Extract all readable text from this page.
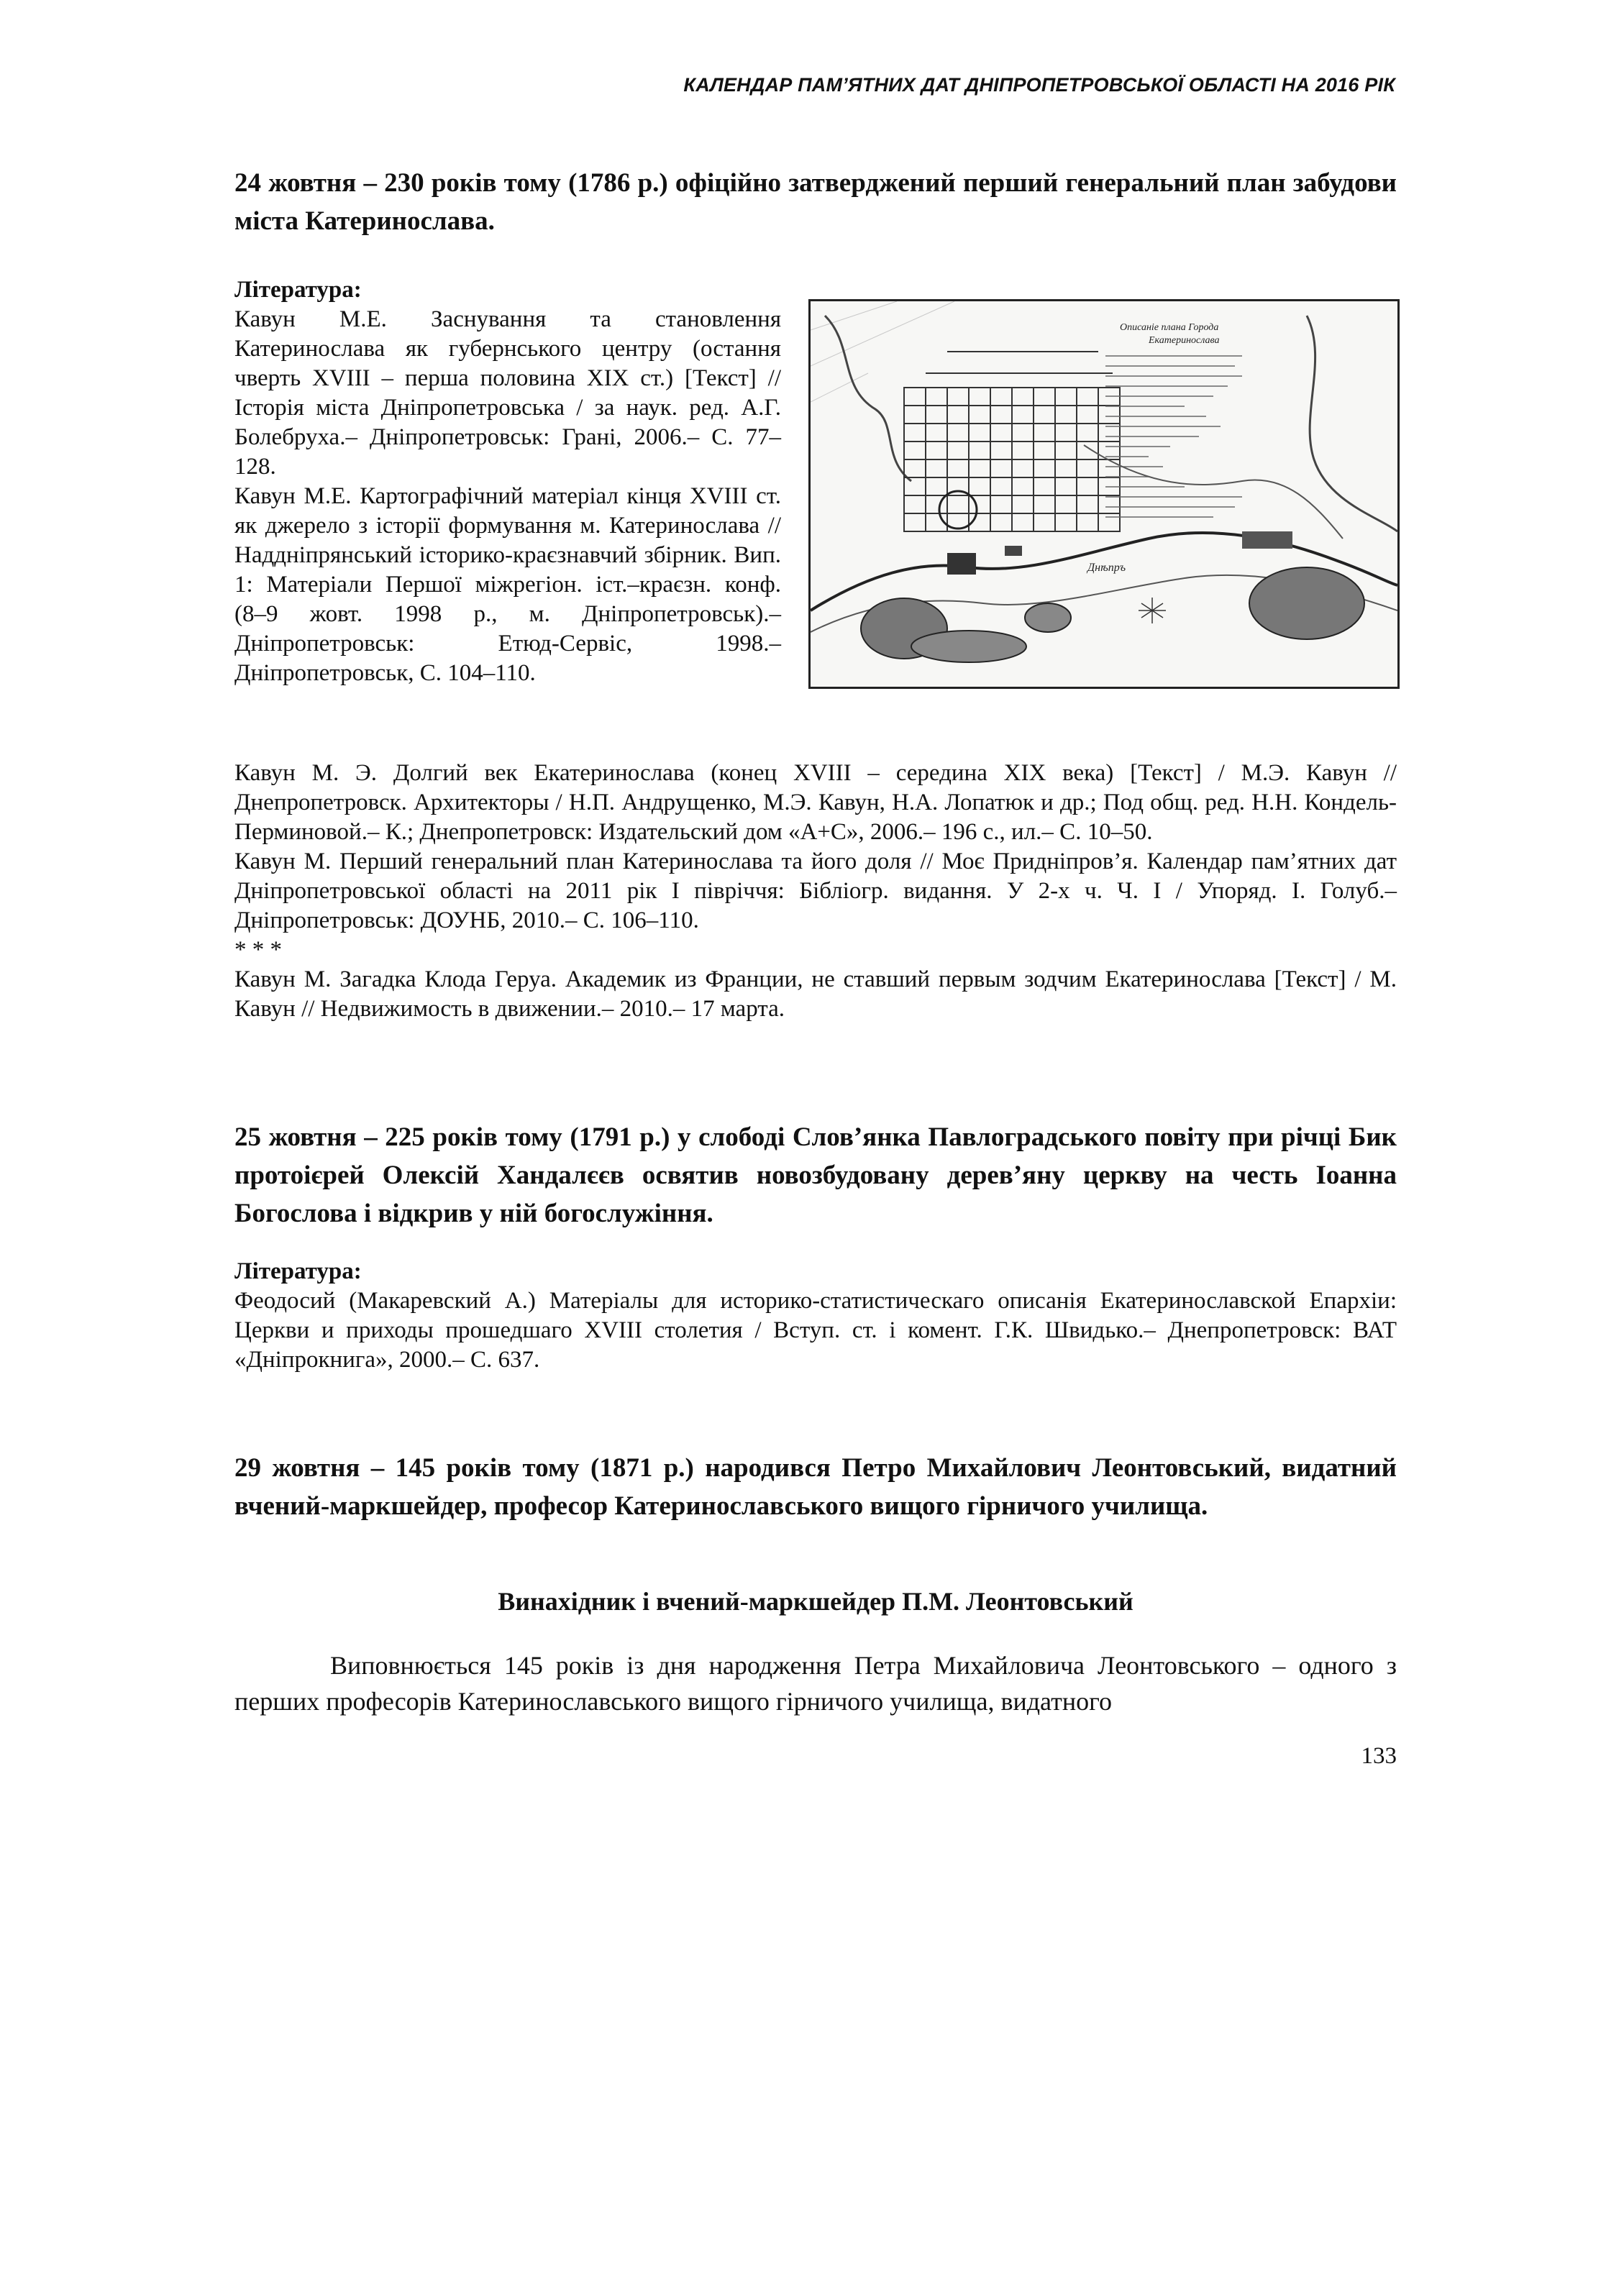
КАЛЕНДАР ПАМ’ЯТНИХ ДАТ ДНІПРОПЕТРОВСЬКОЇ ОБЛАСТІ НА 2016 РІК

24 жовтня – 230 років тому (1786 р.) офіційно затверджений перший генеральний план забудови міста Катеринослава.

Література:

Кавун М.Е. Заснування та становлення Катеринослава як губернського центру (остання чверть XVIII – перша половина XIX ст.) [Текст] // Історія міста Дніпропетровська / за наук. ред. А.Г. Болебруха.– Дніпропетровськ: Грані, 2006.– С. 77–128.

Кавун М.Е. Картографічний матеріал кінця XVIII ст. як джерело з історії формування м. Катеринослава // Наддніпрянський історико-краєзнавчий збірник. Вип. 1: Матеріали Першої міжрегіон. іст.–краєзн. конф. (8–9 жовт. 1998 р., м. Дніпропетровськ).– Дніпропетровськ: Етюд-Сервіс, 1998.– Дніпропетровськ, С. 104–110.

Описаніе плана Города
Екатеринослава
Днѣпръ

Кавун М. Э. Долгий век Екатеринослава (конец XVIII – середина XIX века) [Текст] / М.Э. Кавун // Днепропетровск. Архитекторы / Н.П. Андрущенко, М.Э. Кавун, Н.А. Лопатюк и др.; Под общ. ред. Н.Н. Кондель-Перминовой.– К.; Днепропетровск: Издательский дом «А+С», 2006.– 196 с., ил.– С. 10–50.

Кавун М. Перший генеральний план Катеринослава та його доля // Моє Придніпров’я. Календар пам’ятних дат Дніпропетровської області на 2011 рік I півріччя: Бібліогр. видання. У 2-х ч. Ч. I / Упоряд. І. Голуб.– Дніпропетровськ: ДОУНБ, 2010.– С. 106–110.

* * *

Кавун М. Загадка Клода Геруа. Академик из Франции, не ставший первым зодчим Екатеринослава [Текст] / М. Кавун // Недвижимость в движении.– 2010.– 17 марта.

25 жовтня – 225 років тому (1791 р.) у слободі Слов’янка Павлоградського повіту при річці Бик протоієрей Олексій Хандалєєв освятив новозбудовану дерев’яну церкву на честь Іоанна Богослова і відкрив у ній богослужіння.

Література:

Феодосий (Макаревский А.) Матеріалы для историко-статистическаго описанія Екатеринославской Епархіи: Церкви и приходы прошедшаго XVIII столетия / Вступ. ст. і комент. Г.К. Швидько.– Днепропетровск: ВАТ «Дніпрокнига», 2000.– С. 637.

29 жовтня – 145 років тому (1871 р.) народився Петро Михайлович Леонтовський, видатний вчений-маркшейдер, професор Катеринославського вищого гірничого училища.

Винахідник і вчений-маркшейдер П.М. Леонтовський

Виповнюється 145 років із дня народження Петра Михайловича Леонтовського – одного з перших професорів Катеринославського вищого гірничого училища, видатного

133
